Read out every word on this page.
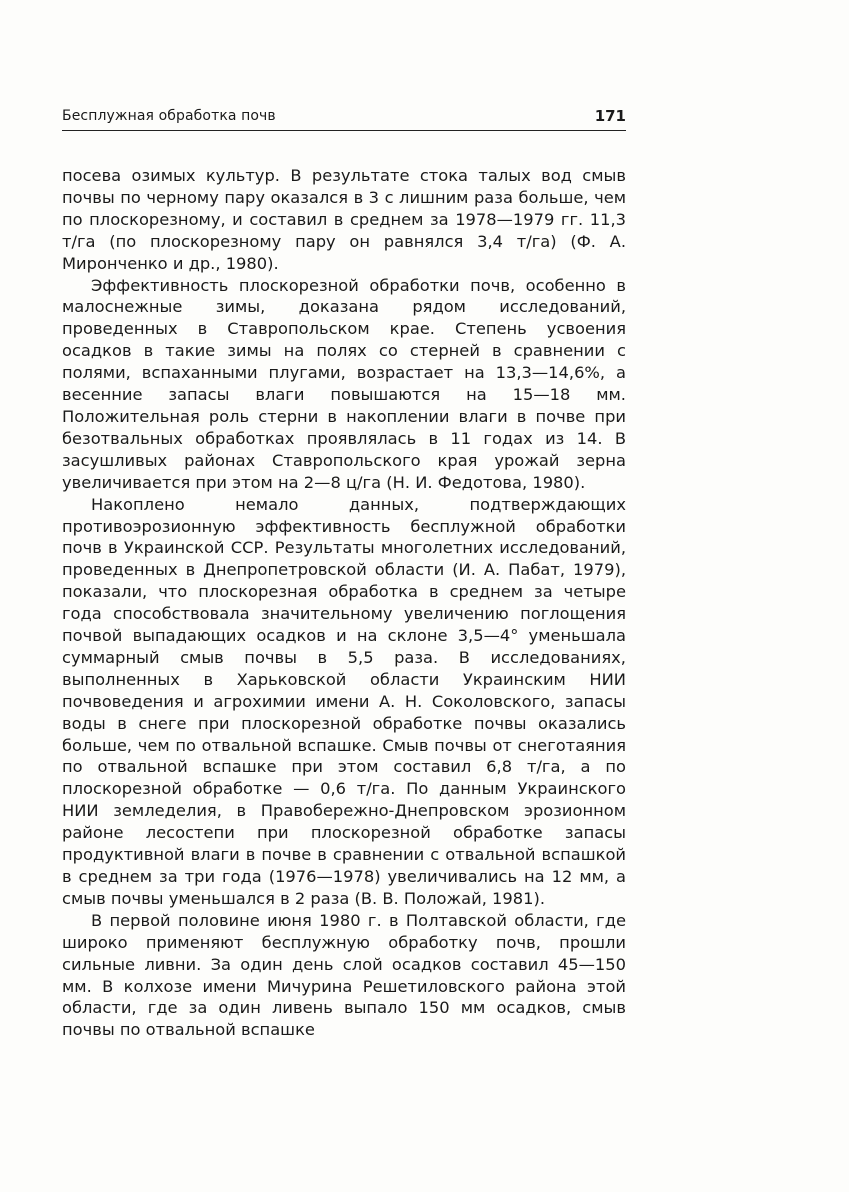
Бесплужная обработка почв	171

посева озимых культур. В результате стока талых вод смыв почвы по черному пару оказался в 3 с лишним раза больше, чем по плоскорезному, и составил в среднем за 1978—1979 гг. 11,3 т/га (по плоскорезному пару он равнялся 3,4 т/га) (Ф. А. Миронченко и др., 1980).

Эффективность плоскорезной обработки почв, особенно в малоснежные зимы, доказана рядом исследований, проведенных в Ставропольском крае. Степень усвоения осадков в такие зимы на полях со стерней в сравнении с полями, вспаханными плугами, возрастает на 13,3—14,6%, а весенние запасы влаги повышаются на 15—18 мм. Положительная роль стерни в накоплении влаги в почве при безотвальных обработках проявлялась в 11 годах из 14. В засушливых районах Ставропольского края урожай зерна увеличивается при этом на 2—8 ц/га (Н. И. Федотова, 1980).

Накоплено немало данных, подтверждающих противоэрозионную эффективность бесплужной обработки почв в Украинской ССР. Результаты многолетних исследований, проведенных в Днепропетровской области (И. А. Пабат, 1979), показали, что плоскорезная обработка в среднем за четыре года способствовала значительному увеличению поглощения почвой выпадающих осадков и на склоне 3,5—4° уменьшала суммарный смыв почвы в 5,5 раза. В исследованиях, выполненных в Харьковской области Украинским НИИ почвоведения и агрохимии имени А. Н. Соколовского, запасы воды в снеге при плоскорезной обработке почвы оказались больше, чем по отвальной вспашке. Смыв почвы от снеготаяния по отвальной вспашке при этом составил 6,8 т/га, а по плоскорезной обработке — 0,6 т/га. По данным Украинского НИИ земледелия, в Правобережно-Днепровском эрозионном районе лесостепи при плоскорезной обработке запасы продуктивной влаги в почве в сравнении с отвальной вспашкой в среднем за три года (1976—1978) увеличивались на 12 мм, а смыв почвы уменьшался в 2 раза (В. В. Положай, 1981).

В первой половине июня 1980 г. в Полтавской области, где широко применяют бесплужную обработку почв, прошли сильные ливни. За один день слой осадков составил 45—150 мм. В колхозе имени Мичурина Решетиловского района этой области, где за один ливень выпало 150 мм осадков, смыв почвы по отвальной вспашке
